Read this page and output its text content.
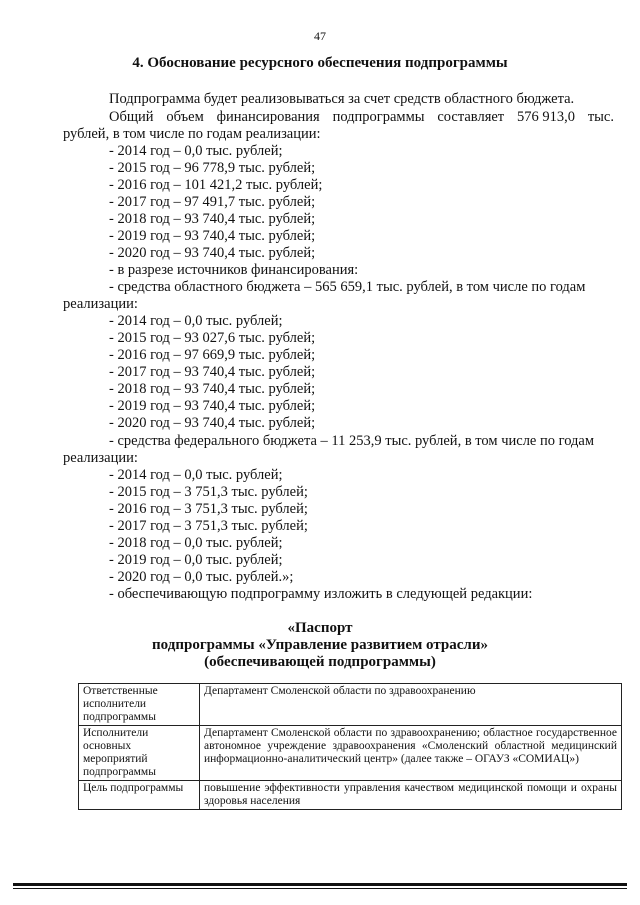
47
4. Обоснование ресурсного обеспечения подпрограммы
Подпрограмма будет реализовываться за счет средств областного бюджета.
Общий объем финансирования подпрограммы составляет 576 913,0 тыс.
рублей, в том числе по годам реализации:
- 2014 год – 0,0 тыс. рублей;
- 2015 год – 96 778,9 тыс. рублей;
- 2016 год – 101 421,2 тыс. рублей;
- 2017 год – 97 491,7 тыс. рублей;
- 2018 год – 93 740,4 тыс. рублей;
- 2019 год – 93 740,4 тыс. рублей;
- 2020 год – 93 740,4 тыс. рублей;
- в разрезе источников финансирования:
- средства областного бюджета – 565 659,1 тыс. рублей, в том числе по годам
реализации:
- 2014 год – 0,0 тыс. рублей;
- 2015 год – 93 027,6 тыс. рублей;
- 2016 год – 97 669,9 тыс. рублей;
- 2017 год – 93 740,4 тыс. рублей;
- 2018 год – 93 740,4 тыс. рублей;
- 2019 год – 93 740,4 тыс. рублей;
- 2020 год – 93 740,4 тыс. рублей;
- средства федерального бюджета – 11 253,9 тыс. рублей, в том числе по годам
реализации:
- 2014 год – 0,0 тыс. рублей;
- 2015 год – 3 751,3 тыс. рублей;
- 2016 год – 3 751,3 тыс. рублей;
- 2017 год – 3 751,3 тыс. рублей;
- 2018 год – 0,0 тыс. рублей;
- 2019 год – 0,0 тыс. рублей;
- 2020 год – 0,0 тыс. рублей.»;
- обеспечивающую подпрограмму изложить в следующей редакции:
«Паспорт
подпрограммы «Управление развитием отрасли»
(обеспечивающей подпрограммы)
Ответственные исполнители подпрограммы	Департамент Смоленской области по здравоохранению
Исполнители основных мероприятий подпрограммы	Департамент Смоленской области по здравоохранению; областное государственное автономное учреждение здравоохранения «Смоленский областной медицинский информационно-аналитический центр» (далее также – ОГАУЗ «СОМИАЦ»)
Цель подпрограммы	повышение эффективности управления качеством медицинской помощи и охраны здоровья населения
